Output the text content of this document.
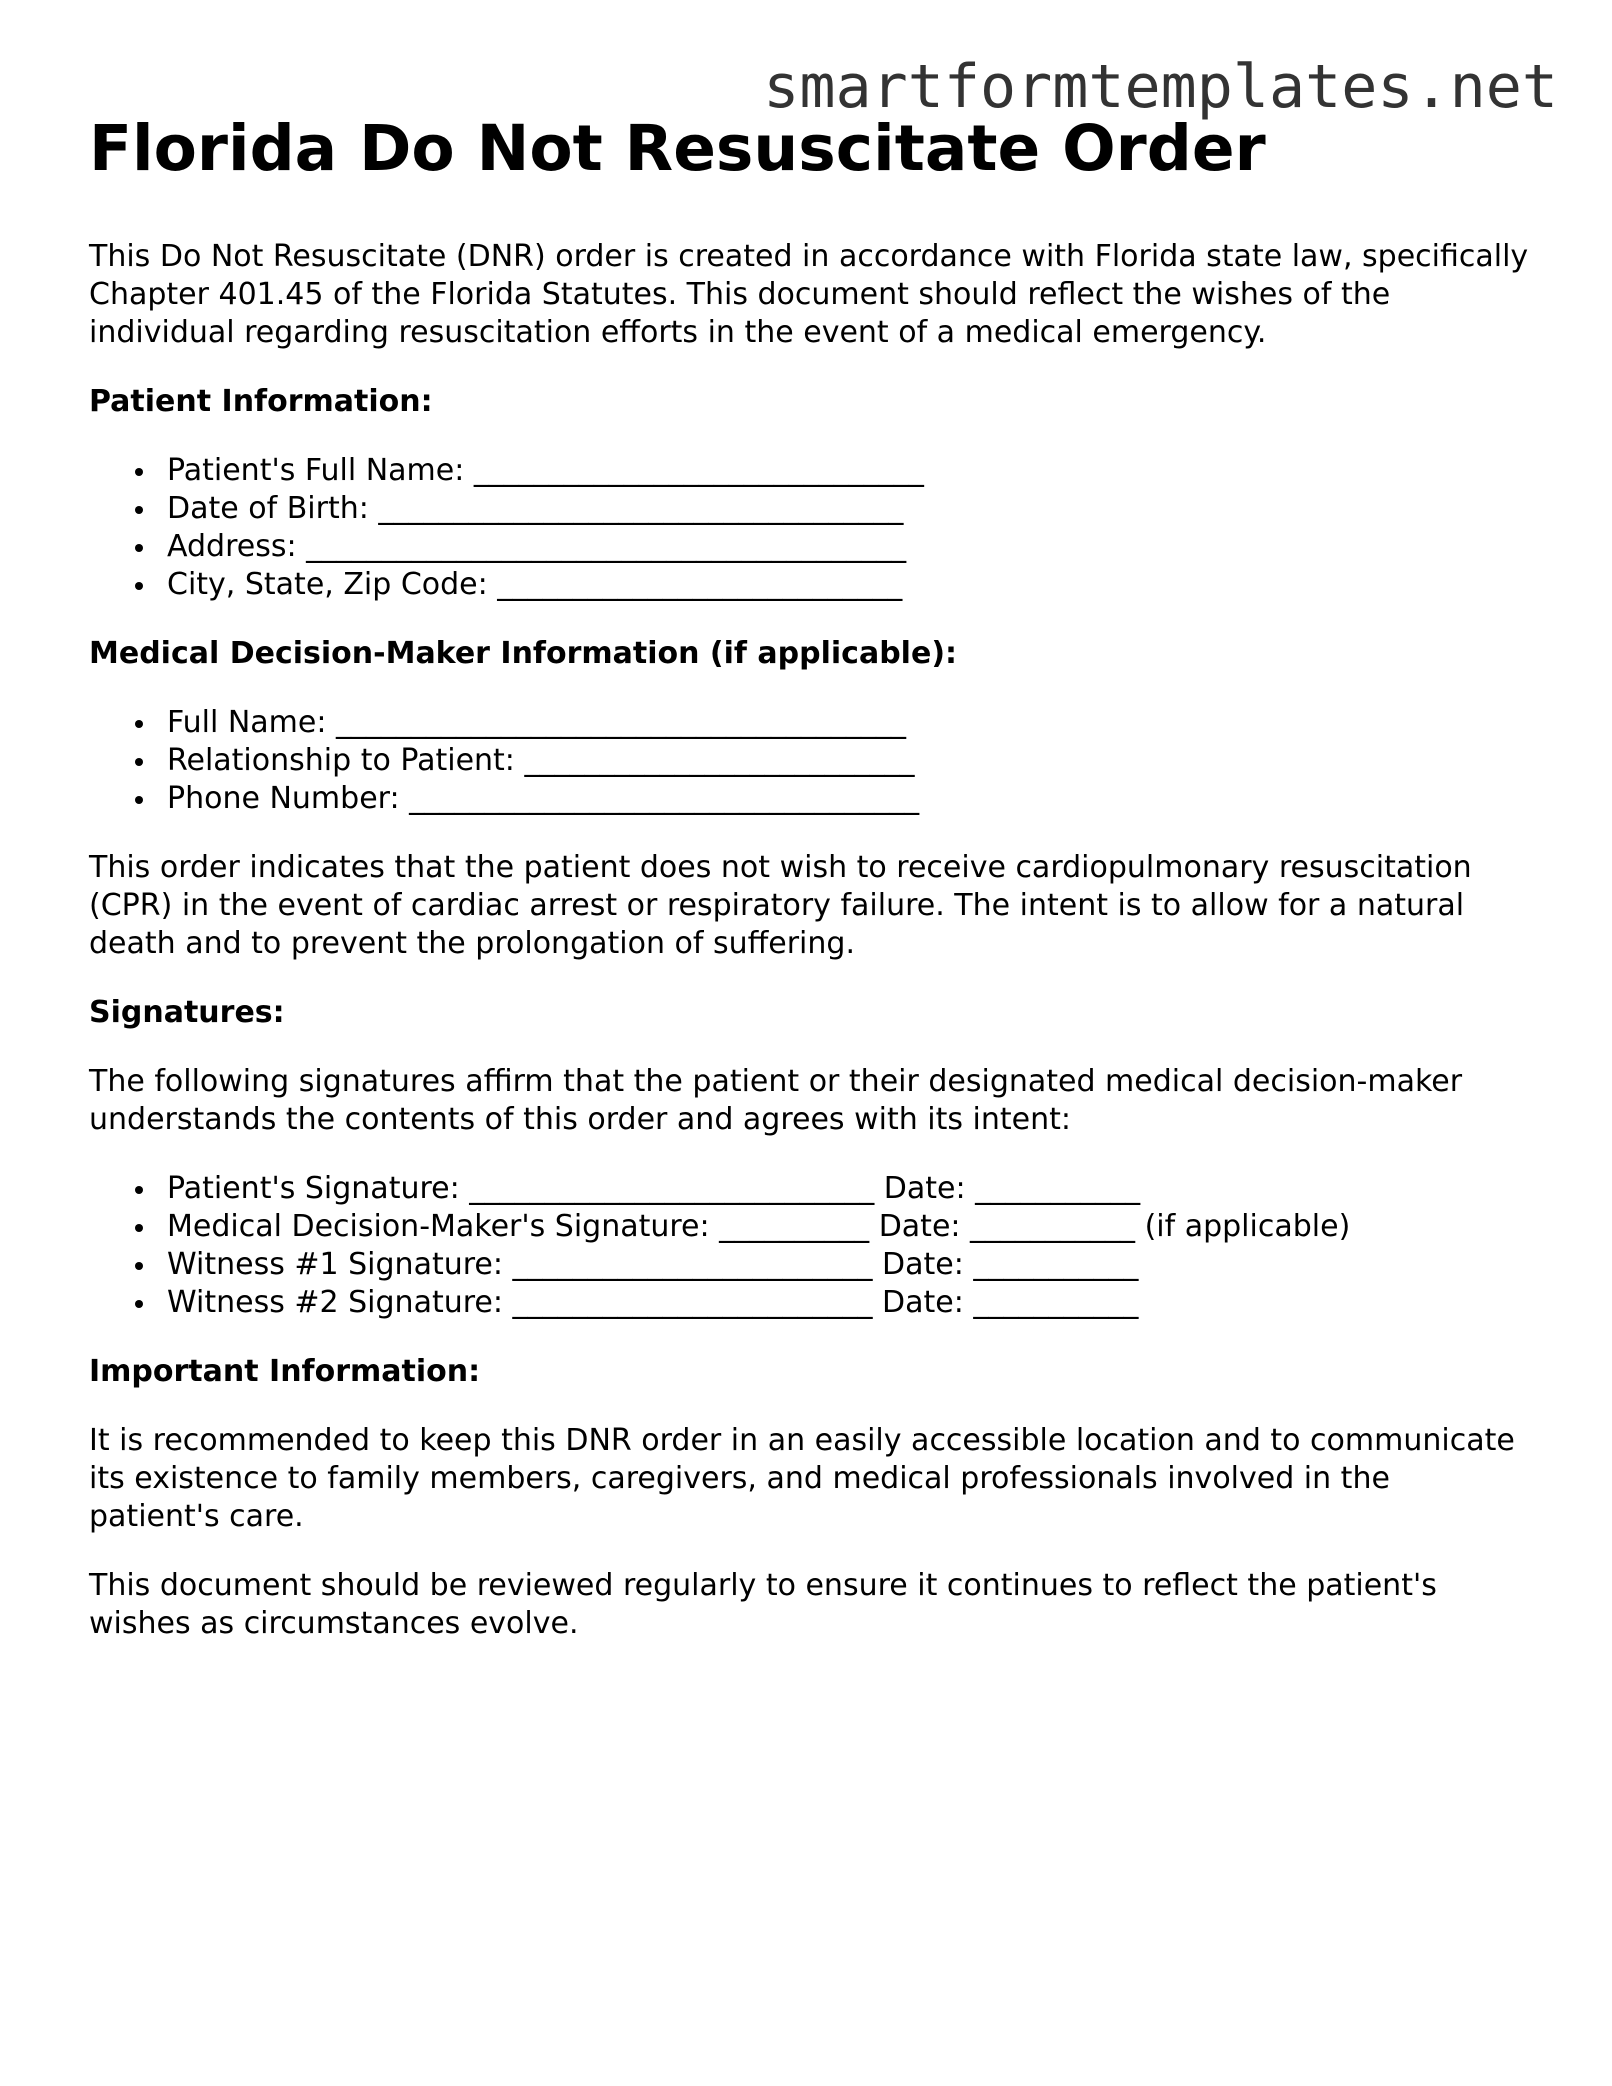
smartformtemplates.net
Florida Do Not Resuscitate Order

This Do Not Resuscitate (DNR) order is created in accordance with Florida state law, specifically Chapter 401.45 of the Florida Statutes. This document should reflect the wishes of the individual regarding resuscitation efforts in the event of a medical emergency.

Patient Information:
Patient's Full Name: ______________________________
Date of Birth: ___________________________________
Address: ________________________________________
City, State, Zip Code: ___________________________
Medical Decision-Maker Information (if applicable):
Full Name: ______________________________________
Relationship to Patient: __________________________
Phone Number: __________________________________

This order indicates that the patient does not wish to receive cardiopulmonary resuscitation (CPR) in the event of cardiac arrest or respiratory failure. The intent is to allow for a natural death and to prevent the prolongation of suffering.

Signatures:

The following signatures affirm that the patient or their designated medical decision-maker understands the contents of this order and agrees with its intent:

Patient's Signature: ___________________________ Date: ___________
Medical Decision-Maker's Signature: __________ Date: ___________ (if applicable)
Witness #1 Signature: ________________________ Date: ___________
Witness #2 Signature: ________________________ Date: ___________
Important Information:

It is recommended to keep this DNR order in an easily accessible location and to communicate its existence to family members, caregivers, and medical professionals involved in the patient's care.

This document should be reviewed regularly to ensure it continues to reflect the patient's wishes as circumstances evolve.
